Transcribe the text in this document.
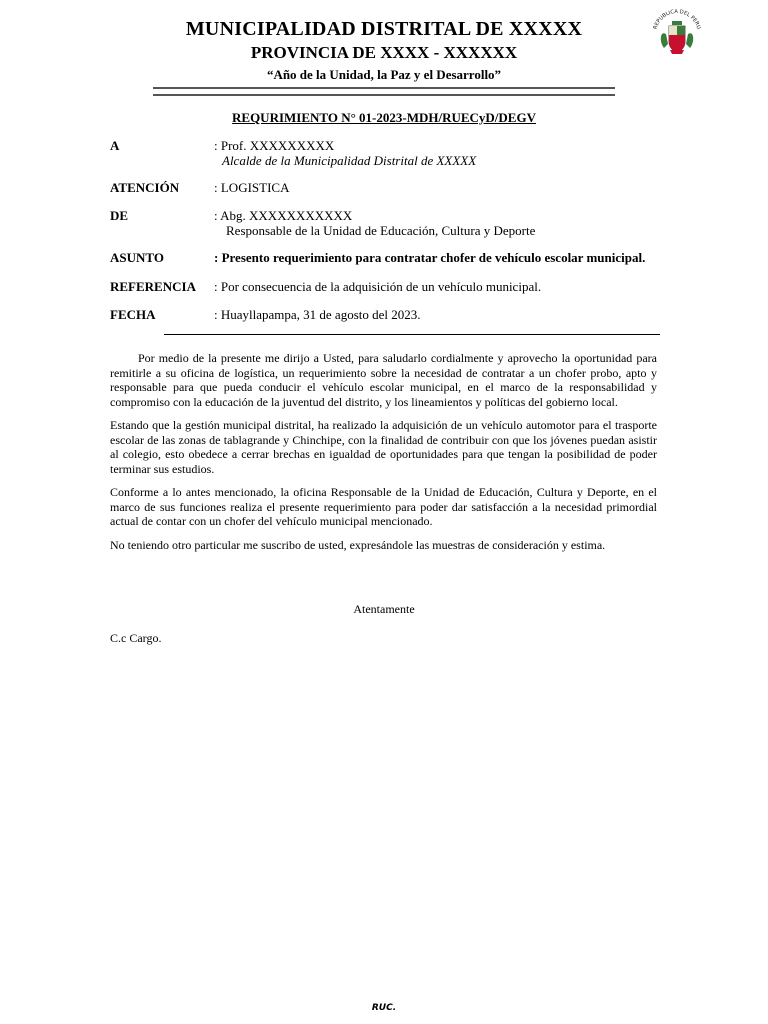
MUNICIPALIDAD DISTRITAL DE XXXXX
PROVINCIA DE XXXX - XXXXXX
“Año de la Unidad, la Paz y el Desarrollo”
REPUBLICA DEL PERU
REQURIMIENTO N° 01-2023-MDH/RUECyD/DEGV
A	: Prof. XXXXXXXXX
Alcalde de la Municipalidad Distrital de XXXXX
ATENCIÓN	: LOGISTICA
DE	: Abg. XXXXXXXXXXX
Responsable de la Unidad de Educación, Cultura y Deporte
ASUNTO	: Presento requerimiento para contratar chofer de vehículo escolar municipal.
REFERENCIA : Por consecuencia de la adquisición de un vehículo municipal.
FECHA	: Huayllapampa, 31 de agosto del 2023.

Por medio de la presente me dirijo a Usted, para saludarlo cordialmente y aprovecho la oportunidad para remitirle a su oficina de logística, un requerimiento sobre la necesidad de contratar a un chofer probo, apto y responsable para que pueda conducir el vehículo escolar municipal, en el marco de la responsabilidad y compromiso con la educación de la juventud del distrito, y los lineamientos y políticas del gobierno local.

Estando que la gestión municipal distrital, ha realizado la adquisición de un vehículo automotor para el trasporte escolar de las zonas de tablagrande y Chinchipe, con la finalidad de contribuir con que los jóvenes puedan asistir al colegio, esto obedece a cerrar brechas en igualdad de oportunidades para que tengan la posibilidad de poder terminar sus estudios.

Conforme a lo antes mencionado, la oficina Responsable de la Unidad de Educación, Cultura y Deporte, en el marco de sus funciones realiza el presente requerimiento para poder dar satisfacción a la necesidad primordial actual de contar con un chofer del vehículo municipal mencionado.

No teniendo otro particular me suscribo de usted, expresándole las muestras de consideración y estima.

Atentamente
C.c Cargo.
RUC.
